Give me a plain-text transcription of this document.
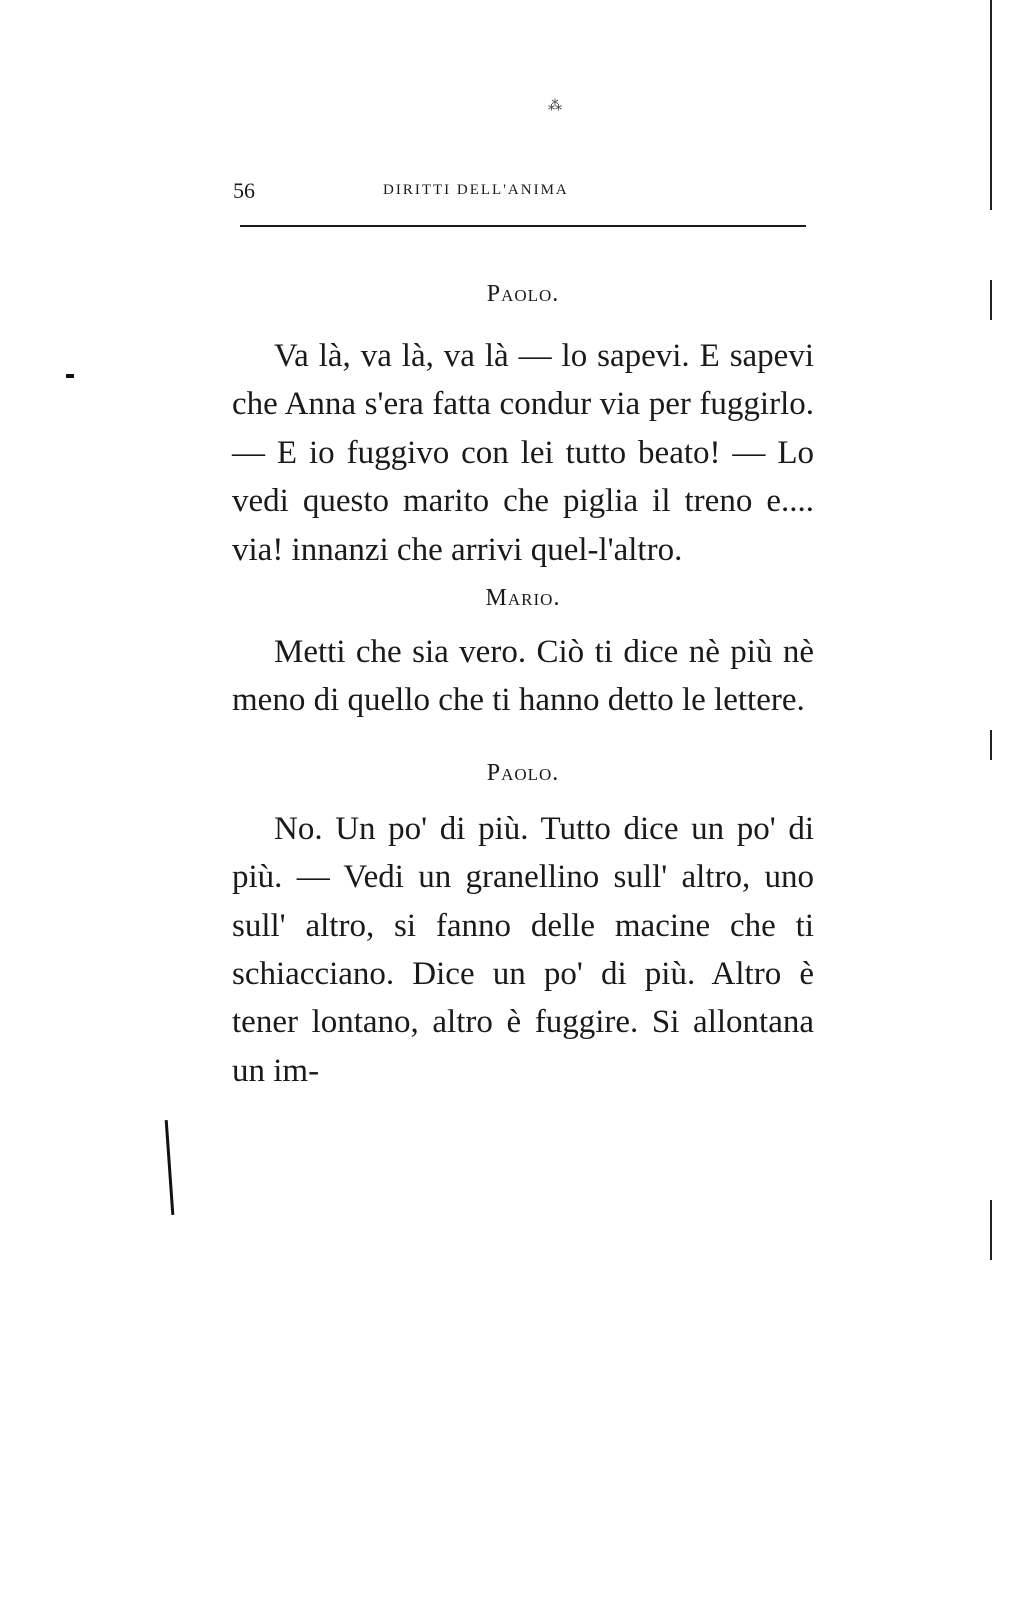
⁂
56	DIRITTI DELL'ANIMA

Paolo.

Va là, va là, va là — lo sapevi. E sapevi che Anna s'era fatta condur via per fuggirlo. — E io fuggivo con lei tutto beato! — Lo vedi questo marito che piglia il treno e.... via! innanzi che arrivi quel-l'altro.

Mario.

Metti che sia vero. Ciò ti dice nè più nè meno di quello che ti hanno detto le lettere.

Paolo.

No. Un po' di più. Tutto dice un po' di più. — Vedi un granellino sull' altro, uno sull' altro, si fanno delle macine che ti schiacciano. Dice un po' di più. Altro è tener lontano, altro è fuggire. Si allontana un im-
